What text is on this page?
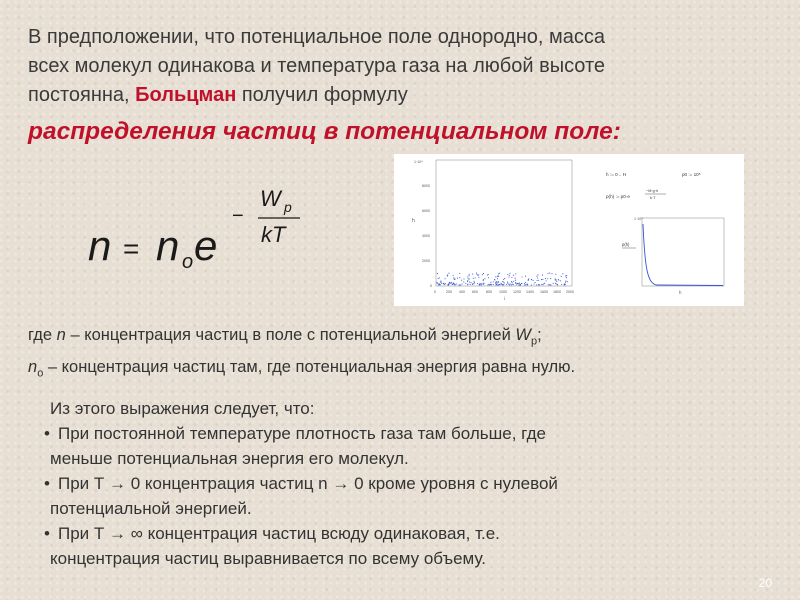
В предположении, что потенциальное поле однородно, масса
всех молекул одинакова и температура газа на любой высоте
постоянна, Больцман получил формулу
распределения частиц в потенциальном поле:
n = n o e
−
W p
kT
h
1·10⁴
8000
6000
4000
2000
0
0	200 400 600 800 1000 1200 1400 1600 1800 2000
i
h := 0 .. H	p0 := 10⁵
p(h) := p0·e
−M·g·h
k·T
1·10⁵
p(h)
h
где n – концентрация частиц в поле с потенциальной энергией $W_p$;
$n_o$ – концентрация частиц там, где потенциальная энергия равна нулю.
Из этого выражения следует, что:
• При постоянной температуре плотность газа там больше, где
меньше потенциальная энергия его молекул.
• При Т → 0 концентрация частиц n → 0 кроме уровня с нулевой
потенциальной энергией.
• При Т → ∞ концентрация частиц всюду одинаковая, т.е.
концентрация частиц выравнивается по всему объему.
20
